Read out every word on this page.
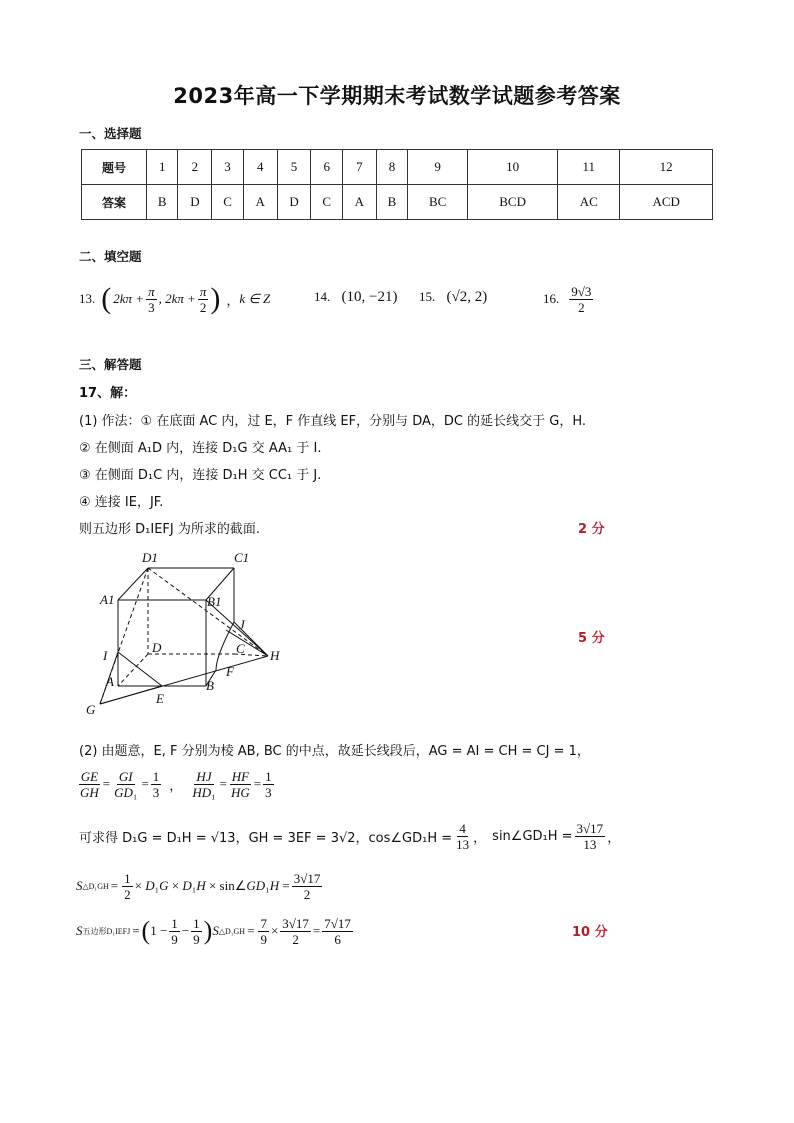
2023年高一下学期期末考试数学试题参考答案
一、选择题
题号	1	2	3	4	5	6	7	8	9	10	11	12
答案	B	D	C	A	D	C	A	B	BC	BCD	AC	ACD
二、填空题
13. ( $2k\pi + \frac{\pi}{3}$ , $2k\pi + \frac{\pi}{2}$ ) ， k ∈ Z	14. (10, −21) 15. (√2, 2)	16. $\frac{9√3}{2}$
三、解答题
17、解：
(1) 作法：① 在底面 AC 内，过 E，F 作直线 EF，分别与 DA，DC 的延长线交于 G，H.
② 在侧面 A₁D 内，连接 D₁G 交 AA₁ 于 I.
③ 在侧面 D₁C 内，连接 D₁H 交 CC₁ 于 J.
④ 连接 IE，JF.
则五边形 D₁IEFJ 为所求的截面.	2 分
D1	C1
A1	B1
J
I
D	C H
A
F
B
G
E
5 分
(2) 由题意，E, F 分别为棱 AB, BC 的中点，故延长线段后，AG = AI = CH = CJ = 1，
$\frac{GE}{GH} = \frac{GI}{\text{GD₁}} = \frac{1}{3}$ ， $\frac{HJ}{\text{HD₁}} = \frac{HF}{HG} = \frac{1}{3}$
可求得 D₁G = D₁H = √13，GH = 3EF = 3√2，cos∠GD₁H = $\frac{4}{13}$ ， sin∠GD₁H = $\frac{3√17}{13}$ ，
S △D₁GH = $\frac{1}{2} \times D_1G \times D_1H$ × sin∠GD₁H = $\frac{3√17}{2}$
S 五边形D₁IEFJ = ( $1 - \frac{1}{9} - \frac{1}{9}$ ) S △D₁GH = $\frac{7}{9} \times \frac{3√17}{2} = \frac{7√17}{6}$	10 分
